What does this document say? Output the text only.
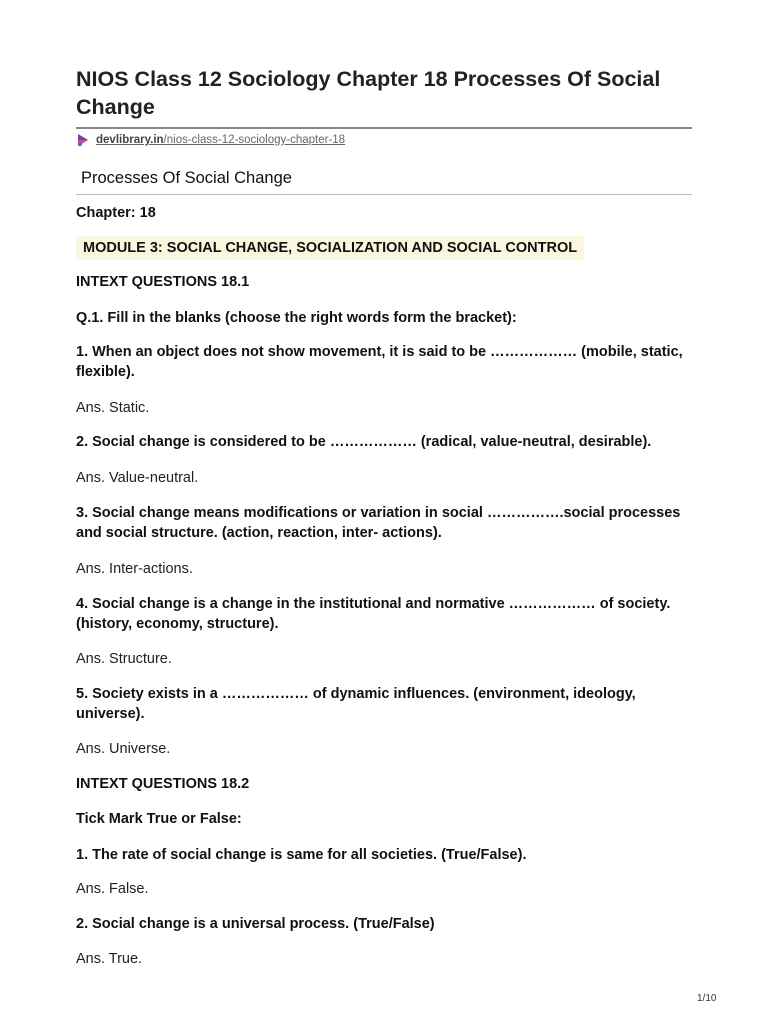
NIOS Class 12 Sociology Chapter 18 Processes Of Social Change
devlibrary.in/nios-class-12-sociology-chapter-18
Processes Of Social Change

Chapter: 18

MODULE 3: SOCIAL CHANGE, SOCIALIZATION AND SOCIAL CONTROL

INTEXT QUESTIONS 18.1

Q.1. Fill in the blanks (choose the right words form the bracket):

1. When an object does not show movement, it is said to be ……………… (mobile, static, flexible).

Ans. Static.

2. Social change is considered to be ……………… (radical, value-neutral, desirable).

Ans. Value-neutral.

3. Social change means modifications or variation in social …………….social processes and social structure. (action, reaction, inter- actions).

Ans. Inter-actions.

4. Social change is a change in the institutional and normative ……………… of society. (history, economy, structure).

Ans. Structure.

5. Society exists in a ……………… of dynamic influences. (environment, ideology, universe).

Ans. Universe.

INTEXT QUESTIONS 18.2

Tick Mark True or False:

1. The rate of social change is same for all societies. (True/False).

Ans. False.

2. Social change is a universal process. (True/False)

Ans. True.

1/10
